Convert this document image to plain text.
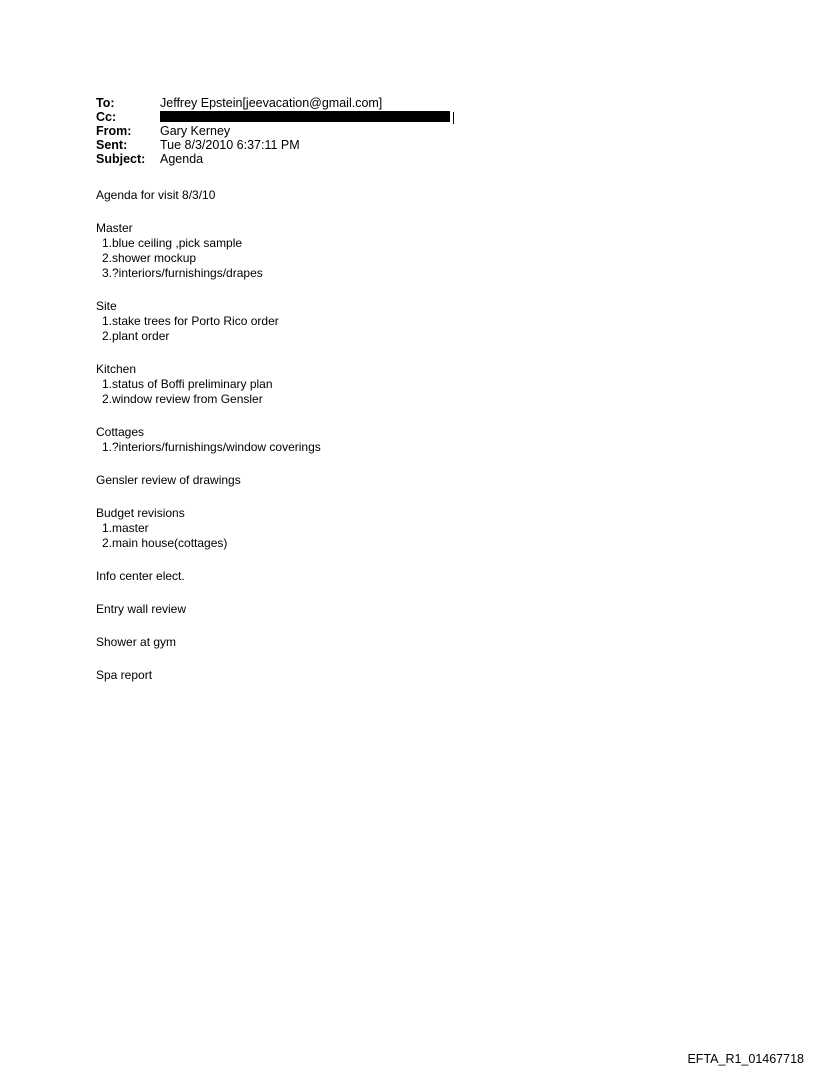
To:	Jeffrey Epstein[jeevacation@gmail.com]
Cc:
From:	Gary Kerney
Sent:	Tue 8/3/2010 6:37:11 PM
Subject:	Agenda
Agenda for visit 8/3/10
Master
1.blue ceiling ,pick sample
2.shower mockup
3.?interiors/furnishings/drapes
Site
1.stake trees for Porto Rico order
2.plant order
Kitchen
1.status of Boffi preliminary plan
2.window review from Gensler
Cottages
1.?interiors/furnishings/window coverings
Gensler review of drawings
Budget revisions
1.master
2.main house(cottages)
Info center elect.
Entry wall review
Shower at gym
Spa report
EFTA_R1_01467718
